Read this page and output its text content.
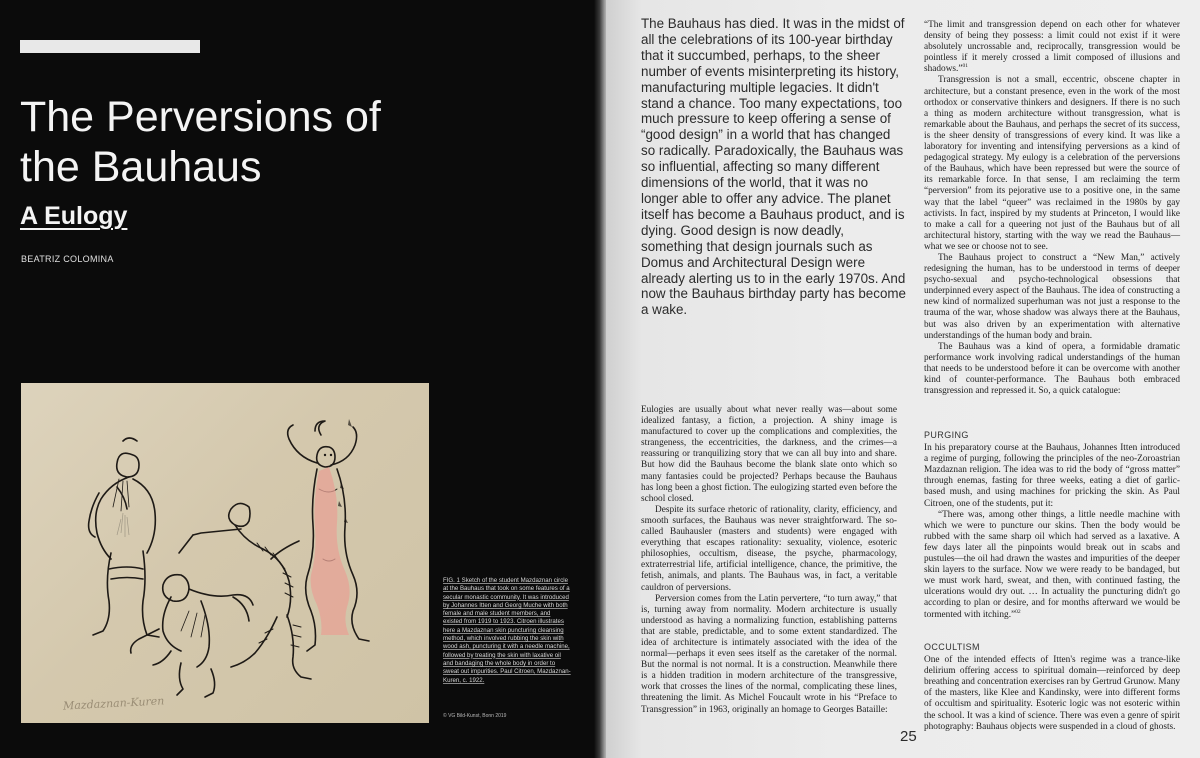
The Perversions of the Bauhaus
A Eulogy
BEATRIZ COLOMINA
Mazdaznan-Kuren
FIG. 1 Sketch of the student Mazdaznan circle at the Bauhaus that took on some features of a secular monastic community. It was introduced by Johannes Itten and Georg Muche with both female and male student members, and existed from 1919 to 1923. Citroen illustrates here a Mazdaznan skin puncturing cleansing method, which involved rubbing the skin with wood ash, puncturing it with a needle machine, followed by treating the skin with laxative oil and bandaging the whole body in order to sweat out impurities. Paul Citroen, Mazdaznan-Kuren, c. 1922.
© VG Bild-Kunst, Bonn 2019

The Bauhaus has died. It was in the midst of all the celebrations of its 100-year birthday that it succumbed, perhaps, to the sheer number of events misinterpreting its history, manufacturing multiple legacies. It didn't stand a chance. Too many expectations, too much pressure to keep offering a sense of “good design” in a world that has changed so radically. Paradoxically, the Bauhaus was so influential, affecting so many different dimensions of the world, that it was no longer able to offer any advice. The planet itself has become a Bauhaus product, and is dying. Good design is now deadly, something that design journals such as Domus and Architectural Design were already alerting us to in the early 1970s. And now the Bauhaus birthday party has become a wake.

Eulogies are usually about what never really was—about some idealized fantasy, a fiction, a projection. A shiny image is manufactured to cover up the complications and complexities, the strangeness, the eccentricities, the darkness, and the crimes—a reassuring or tranquilizing story that we can all buy into and share. But how did the Bauhaus become the blank slate onto which so many fantasies could be projected? Perhaps because the Bauhaus has long been a ghost fiction. The eulogizing started even before the school closed.

Despite its surface rhetoric of rationality, clarity, efficiency, and smooth surfaces, the Bauhaus was never straightforward. The so-called Bauhausler (masters and students) were engaged with everything that escapes rationality: sexuality, violence, esoteric philosophies, occultism, disease, the psyche, pharmacology, extraterrestrial life, artificial intelligence, chance, the primitive, the fetish, animals, and plants. The Bauhaus was, in fact, a veritable cauldron of perversions.

Perversion comes from the Latin pervertere, “to turn away,” that is, turning away from normality. Modern architecture is usually understood as having a normalizing function, establishing patterns that are stable, predictable, and to some extent standardized. The idea of architecture is intimately associated with the idea of the normal—perhaps it even sees itself as the caretaker of the normal. But the normal is not normal. It is a construction. Meanwhile there is a hidden tradition in modern architecture of the transgressive, work that crosses the lines of the normal, complicating these lines, threatening the limit. As Michel Foucault wrote in his “Preface to Transgression” in 1963, originally an homage to Georges Bataille:

“The limit and transgression depend on each other for whatever density of being they possess: a limit could not exist if it were absolutely uncrossable and, reciprocally, transgression would be pointless if it merely crossed a limit composed of illusions and shadows.”$^{01}$

Transgression is not a small, eccentric, obscene chapter in architecture, but a constant presence, even in the work of the most orthodox or conservative thinkers and designers. If there is no such a thing as modern architecture without transgression, what is remarkable about the Bauhaus, and perhaps the secret of its success, is the sheer density of transgressions of every kind. It was like a laboratory for inventing and intensifying perversions as a kind of pedagogical strategy. My eulogy is a celebration of the perversions of the Bauhaus, which have been repressed but were the source of its remarkable force. In that sense, I am reclaiming the term “perversion” from its pejorative use to a positive one, in the same way that the label “queer” was reclaimed in the 1980s by gay activists. In fact, inspired by my students at Princeton, I would like to make a call for a queering not just of the Bauhaus but of all architectural history, starting with the way we read the Bauhaus—what we see or choose not to see.

The Bauhaus project to construct a “New Man,” actively redesigning the human, has to be understood in terms of deeper psycho-sexual and psycho-technological obsessions that underpinned every aspect of the Bauhaus. The idea of constructing a new kind of normalized superhuman was not just a response to the trauma of the war, whose shadow was always there at the Bauhaus, but was also driven by an experimentation with alternative understandings of the human body and brain.

The Bauhaus was a kind of opera, a formidable dramatic performance work involving radical understandings of the human that needs to be understood before it can be overcome with another kind of counter-performance. The Bauhaus both embraced transgression and repressed it. So, a quick catalogue:

PURGING

In his preparatory course at the Bauhaus, Johannes Itten introduced a regime of purging, following the principles of the neo-Zoroastrian Mazdaznan religion. The idea was to rid the body of “gross matter” through enemas, fasting for three weeks, eating a diet of garlic-based mush, and using machines for pricking the skin. As Paul Citroen, one of the students, put it:

“There was, among other things, a little needle machine with which we were to puncture our skins. Then the body would be rubbed with the same sharp oil which had served as a laxative. A few days later all the pinpoints would break out in scabs and pustules—the oil had drawn the wastes and impurities of the deeper skin layers to the surface. Now we were ready to be bandaged, but we must work hard, sweat, and then, with continued fasting, the ulcerations would dry out. … In actuality the puncturing didn't go according to plan or desire, and for months afterward we would be tormented with itching.”$^{02}$

OCCULTISM

One of the intended effects of Itten's regime was a trance-like delirium offering access to spiritual domain—reinforced by deep breathing and concentration exercises ran by Gertrud Grunow. Many of the masters, like Klee and Kandinsky, were into different forms of occultism and spirituality. Esoteric logic was not esoteric within the school. It was a kind of science. There was even a genre of spirit photography: Bauhaus objects were suspended in a cloud of ghosts.

25
